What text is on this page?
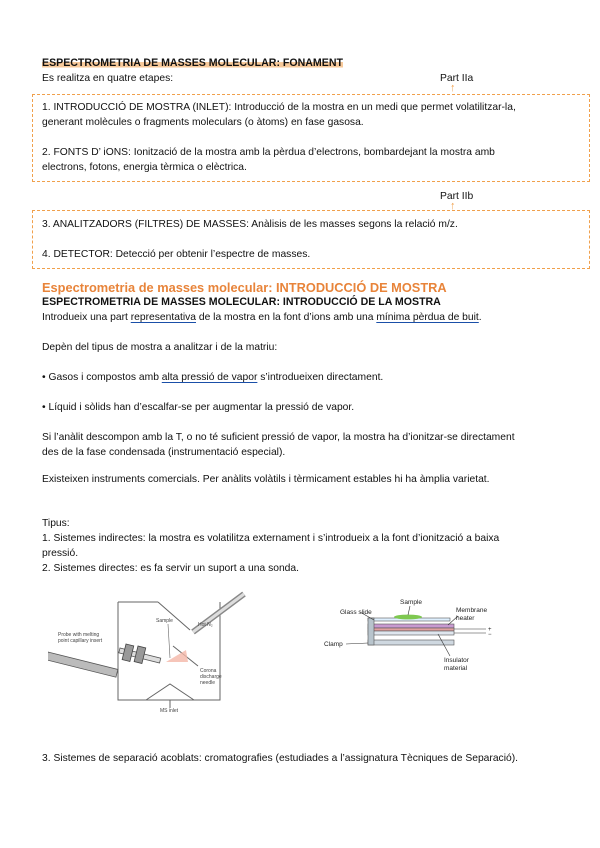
ESPECTROMETRIA DE MASSES MOLECULAR: FONAMENT
Es realitza en quatre etapes:	Part IIa
↑
1. INTRODUCCIÓ DE MOSTRA (INLET): Introducció de la mostra en un medi que permet volatilitzar-la,
generant molècules o fragments moleculars (o àtoms) en fase gasosa.
2. FONTS D’ iONS: Ionització de la mostra amb la pèrdua d’electrons, bombardejant la mostra amb
electrons, fotons, energia tèrmica o elèctrica.
Part IIb
↑
3. ANALITZADORS (FILTRES) DE MASSES: Anàlisis de les masses segons la relació m/z.
4. DETECTOR: Detecció per obtenir l’espectre de masses.
Espectrometria de masses molecular: INTRODUCCIÓ DE MOSTRA
ESPECTROMETRIA DE MASSES MOLECULAR: INTRODUCCIÓ DE LA MOSTRA
Introdueix una part representativa de la mostra en la font d’ions amb una mínima pèrdua de buit.
Depèn del tipus de mostra a analitzar i de la matriu:
• Gasos i compostos amb alta pressió de vapor s’introdueixen directament.
• Líquid i sòlids han d’escalfar-se per augmentar la pressió de vapor.
Si l’anàlit descompon amb la T, o no té suficient pressió de vapor, la mostra ha d’ionitzar-se directament
des de la fase condensada (instrumentació especial).
Existeixen instruments comercials. Per anàlits volàtils i tèrmicament estables hi ha àmplia varietat.
Tipus:
1. Sistemes indirectes: la mostra es volatilitza externament i s’introdueix a la font d’ionització a baixa
pressió.
2. Sistemes directes: es fa servir un suport a una sonda.
Probe with melting
point capillary insert
Sample
Hot N₂
Corona
discharge
needle
MS inlet
Sample
Glass slide	Membrane
heater
Clamp
Insulator
material
+
−
3. Sistemes de separació acoblats: cromatografies (estudiades a l’assignatura Tècniques de Separació).
